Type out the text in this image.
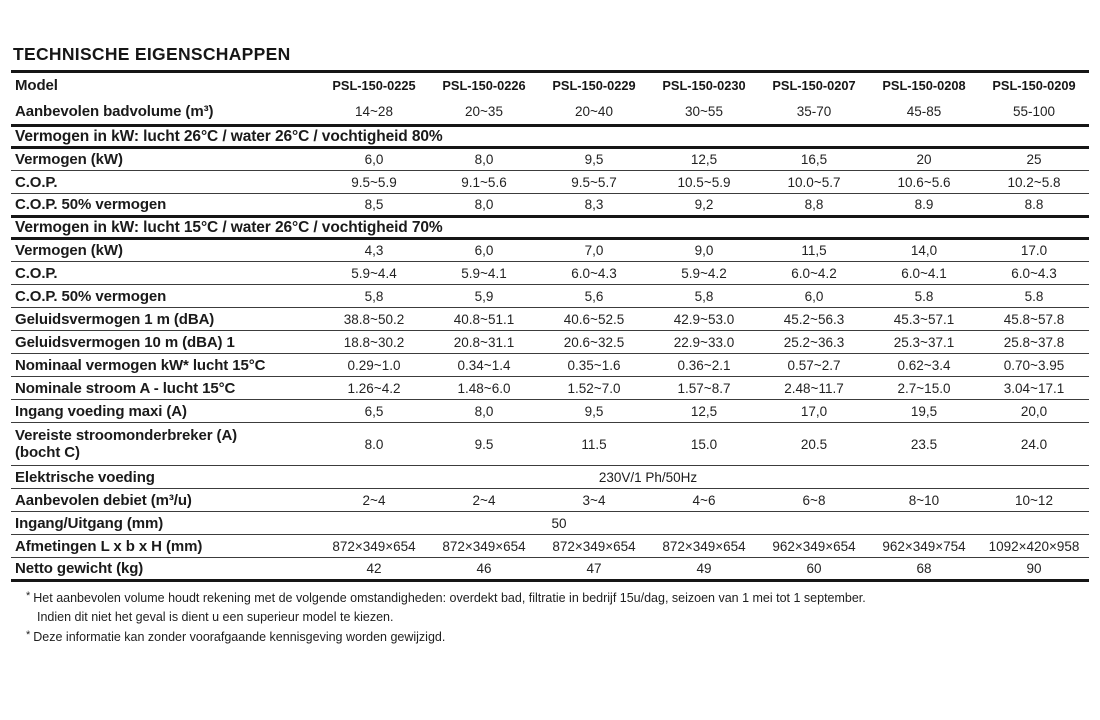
TECHNISCHE EIGENSCHAPPEN
Model	PSL-150-0225	PSL-150-0226	PSL-150-0229	PSL-150-0230	PSL-150-0207	PSL-150-0208	PSL-150-0209
Aanbevolen badvolume (m³)	14~28	20~35	20~40	30~55	35-70	45-85	55-100
Vermogen in kW: lucht 26°C / water 26°C / vochtigheid 80%							
Vermogen (kW)	6,0	8,0	9,5	12,5	16,5	20	25
C.O.P.	9.5~5.9	9.1~5.6	9.5~5.7	10.5~5.9	10.0~5.7	10.6~5.6	10.2~5.8
C.O.P. 50% vermogen	8,5	8,0	8,3	9,2	8,8	8.9	8.8
Vermogen in kW: lucht 15°C / water 26°C / vochtigheid 70%							
Vermogen (kW)	4,3	6,0	7,0	9,0	11,5	14,0	17.0
C.O.P.	5.9~4.4	5.9~4.1	6.0~4.3	5.9~4.2	6.0~4.2	6.0~4.1	6.0~4.3
C.O.P. 50% vermogen	5,8	5,9	5,6	5,8	6,0	5.8	5.8
Geluidsvermogen 1 m (dBA)	38.8~50.2	40.8~51.1	40.6~52.5	42.9~53.0	45.2~56.3	45.3~57.1	45.8~57.8
Geluidsvermogen 10 m (dBA) 1	18.8~30.2	20.8~31.1	20.6~32.5	22.9~33.0	25.2~36.3	25.3~37.1	25.8~37.8
Nominaal vermogen kW* lucht 15°C	0.29~1.0	0.34~1.4	0.35~1.6	0.36~2.1	0.57~2.7	0.62~3.4	0.70~3.95
Nominale stroom A - lucht 15°C	1.26~4.2	1.48~6.0	1.52~7.0	1.57~8.7	2.48~11.7	2.7~15.0	3.04~17.1
Ingang voeding maxi (A)	6,5	8,0	9,5	12,5	17,0	19,5	20,0

Vereiste stroomonderbreker (A)
(bocht C)	8.0	9.5	11.5	15.0	20.5	23.5	24.0
Elektrische voeding	230V/1 Ph/50Hz						
Aanbevolen debiet (m³/u)	2~4	2~4	3~4	4~6	6~8	8~10	10~12
Ingang/Uitgang (mm)	50						
Afmetingen L x b x H (mm)	872×349×654	872×349×654	872×349×654	872×349×654	962×349×654	962×349×754	1092×420×958
Netto gewicht (kg)	42	46	47	49	60	68	90
* Het aanbevolen volume houdt rekening met de volgende omstandigheden: overdekt bad, filtratie in bedrijf 15u/dag, seizoen van 1 mei tot 1 september.
Indien dit niet het geval is dient u een superieur model te kiezen.
* Deze informatie kan zonder voorafgaande kennisgeving worden gewijzigd.
